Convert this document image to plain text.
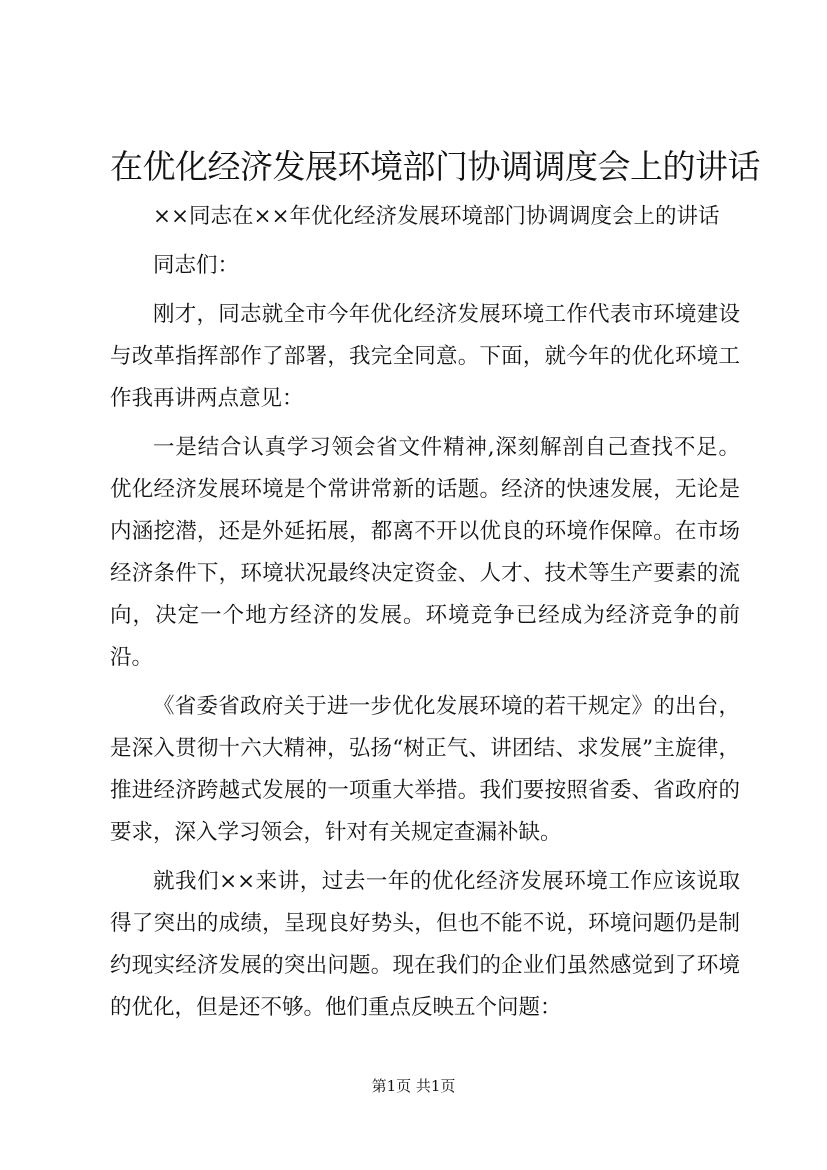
在优化经济发展环境部门协调调度会上的讲话

××同志在××年优化经济发展环境部门协调调度会上的讲话

同志们：

刚才，同志就全市今年优化经济发展环境工作代表市环境建设与改革指挥部作了部署，我完全同意。下面，就今年的优化环境工作我再讲两点意见：

一是结合认真学习领会省文件精神,深刻解剖自己查找不足。优化经济发展环境是个常讲常新的话题。经济的快速发展，无论是内涵挖潜，还是外延拓展，都离不开以优良的环境作保障。在市场经济条件下，环境状况最终决定资金、人才、技术等生产要素的流向，决定一个地方经济的发展。环境竞争已经成为经济竞争的前沿。

《省委省政府关于进一步优化发展环境的若干规定》的出台，是深入贯彻十六大精神，弘扬“树正气、讲团结、求发展”主旋律，推进经济跨越式发展的一项重大举措。我们要按照省委、省政府的要求，深入学习领会，针对有关规定查漏补缺。

就我们××来讲，过去一年的优化经济发展环境工作应该说取得了突出的成绩，呈现良好势头，但也不能不说，环境问题仍是制约现实经济发展的突出问题。现在我们的企业们虽然感觉到了环境的优化，但是还不够。他们重点反映五个问题：

第1页 共1页
